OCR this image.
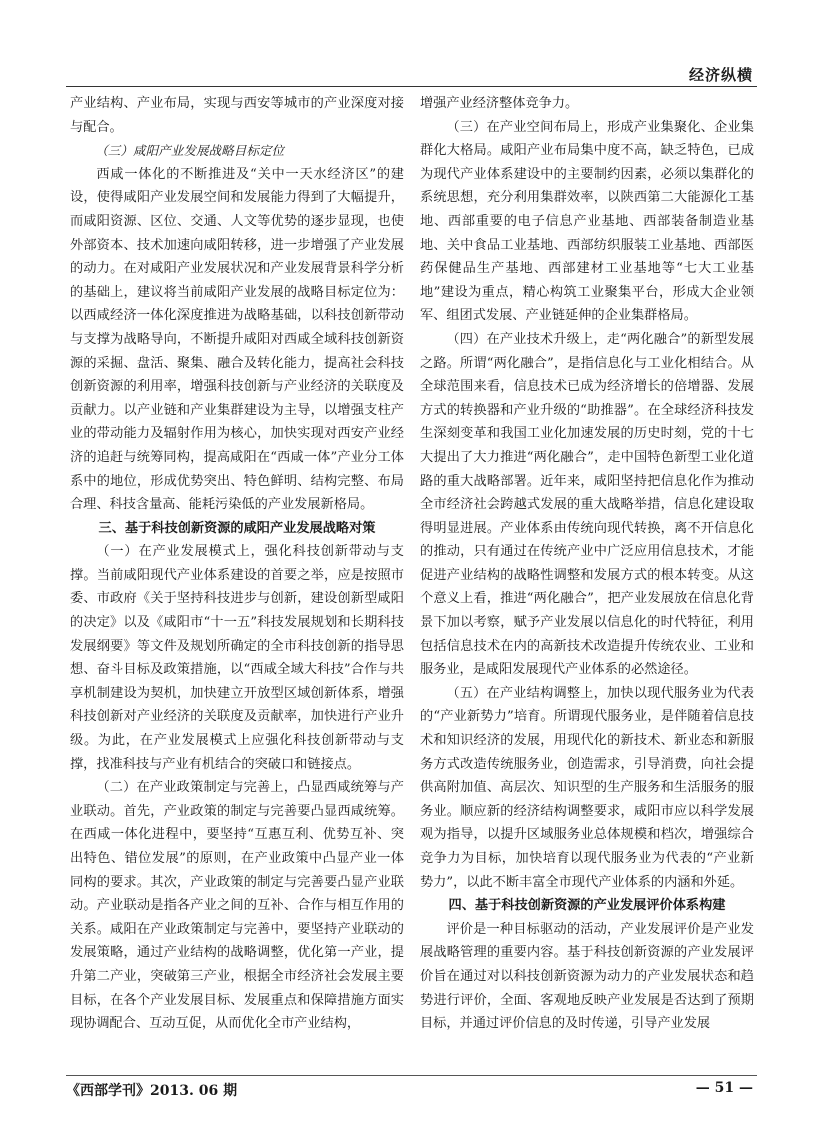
经济纵横

产业结构、产业布局，实现与西安等城市的产业深度对接与配合。

（三）咸阳产业发展战略目标定位

西咸一体化的不断推进及“关中一天水经济区”的建设，使得咸阳产业发展空间和发展能力得到了大幅提升，而咸阳资源、区位、交通、人文等优势的逐步显现，也使外部资本、技术加速向咸阳转移，进一步增强了产业发展的动力。在对咸阳产业发展状况和产业发展背景科学分析的基础上，建议将当前咸阳产业发展的战略目标定位为：以西咸经济一体化深度推进为战略基础，以科技创新带动与支撑为战略导向，不断提升咸阳对西咸全域科技创新资源的采掘、盘活、聚集、融合及转化能力，提高社会科技创新资源的利用率，增强科技创新与产业经济的关联度及贡献力。以产业链和产业集群建设为主导，以增强支柱产业的带动能力及辐射作用为核心，加快实现对西安产业经济的追赶与统筹同构，提高咸阳在“西咸一体”产业分工体系中的地位，形成优势突出、特色鲜明、结构完整、布局合理、科技含量高、能耗污染低的产业发展新格局。

三、基于科技创新资源的咸阳产业发展战略对策

（一）在产业发展模式上，强化科技创新带动与支撑。当前咸阳现代产业体系建设的首要之举，应是按照市委、市政府《关于坚持科技进步与创新，建设创新型咸阳的决定》以及《咸阳市“十一五”科技发展规划和长期科技发展纲要》等文件及规划所确定的全市科技创新的指导思想、奋斗目标及政策措施，以“西咸全域大科技”合作与共享机制建设为契机，加快建立开放型区域创新体系，增强科技创新对产业经济的关联度及贡献率，加快进行产业升级。为此，在产业发展模式上应强化科技创新带动与支撑，找准科技与产业有机结合的突破口和链接点。

（二）在产业政策制定与完善上，凸显西咸统筹与产业联动。首先，产业政策的制定与完善要凸显西咸统筹。在西咸一体化进程中，要坚持“互惠互利、优势互补、突出特色、错位发展”的原则，在产业政策中凸显产业一体同构的要求。其次，产业政策的制定与完善要凸显产业联动。产业联动是指各产业之间的互补、合作与相互作用的关系。咸阳在产业政策制定与完善中，要坚持产业联动的发展策略，通过产业结构的战略调整，优化第一产业，提升第二产业，突破第三产业，根据全市经济社会发展主要目标，在各个产业发展目标、发展重点和保障措施方面实现协调配合、互动互促，从而优化全市产业结构，

增强产业经济整体竞争力。

（三）在产业空间布局上，形成产业集聚化、企业集群化大格局。咸阳产业布局集中度不高，缺乏特色，已成为现代产业体系建设中的主要制约因素，必须以集群化的系统思想，充分利用集群效率，以陕西第二大能源化工基地、西部重要的电子信息产业基地、西部装备制造业基地、关中食品工业基地、西部纺织服装工业基地、西部医药保健品生产基地、西部建材工业基地等“七大工业基地”建设为重点，精心构筑工业聚集平台，形成大企业领军、组团式发展、产业链延伸的企业集群格局。

（四）在产业技术升级上，走“两化融合”的新型发展之路。所谓“两化融合”，是指信息化与工业化相结合。从全球范围来看，信息技术已成为经济增长的倍增器、发展方式的转换器和产业升级的“助推器”。在全球经济科技发生深刻变革和我国工业化加速发展的历史时刻，党的十七大提出了大力推进“两化融合”，走中国特色新型工业化道路的重大战略部署。近年来，咸阳坚持把信息化作为推动全市经济社会跨越式发展的重大战略举措，信息化建设取得明显进展。产业体系由传统向现代转换，离不开信息化的推动，只有通过在传统产业中广泛应用信息技术，才能促进产业结构的战略性调整和发展方式的根本转变。从这个意义上看，推进“两化融合”，把产业发展放在信息化背景下加以考察，赋予产业发展以信息化的时代特征，利用包括信息技术在内的高新技术改造提升传统农业、工业和服务业，是咸阳发展现代产业体系的必然途径。

（五）在产业结构调整上，加快以现代服务业为代表的“产业新势力”培育。所谓现代服务业，是伴随着信息技术和知识经济的发展，用现代化的新技术、新业态和新服务方式改造传统服务业，创造需求，引导消费，向社会提供高附加值、高层次、知识型的生产服务和生活服务的服务业。顺应新的经济结构调整要求，咸阳市应以科学发展观为指导，以提升区域服务业总体规模和档次，增强综合竞争力为目标，加快培育以现代服务业为代表的“产业新势力”，以此不断丰富全市现代产业体系的内涵和外延。

四、基于科技创新资源的产业发展评价体系构建

评价是一种目标驱动的活动，产业发展评价是产业发展战略管理的重要内容。基于科技创新资源的产业发展评价旨在通过对以科技创新资源为动力的产业发展状态和趋势进行评价，全面、客观地反映产业发展是否达到了预期目标，并通过评价信息的及时传递，引导产业发展

《西部学刊》2013. 06 期	— 51 —
